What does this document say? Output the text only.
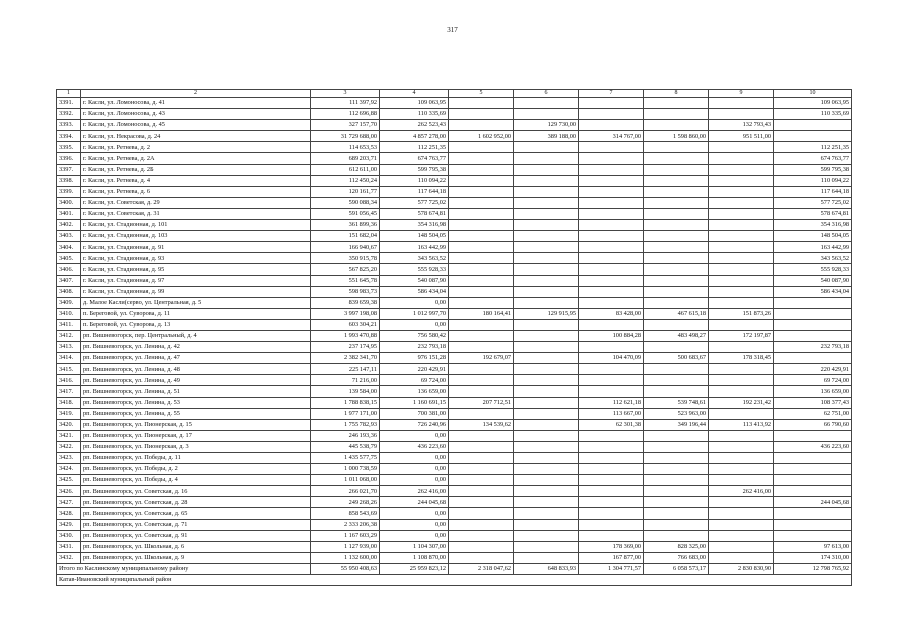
317
1	2	3	4	5	6	7	8	9	10
3391.	г. Касли, ул. Ломоносова, д. 41	111 397,92	109 063,95						109 063,95
3392.	г. Касли, ул. Ломоносова, д. 43	112 696,88	110 335,69						110 335,69
3393.	г. Касли, ул. Ломоносова, д. 45	327 157,70	262 523,43		129 730,00			132 793,43	
3394.	г. Касли, ул. Некрасова, д. 24	31 729 688,00	4 857 278,00	1 602 952,00	389 188,00	314 767,00	1 598 860,00	951 511,00	
3395.	г. Касли, ул. Ретнева, д. 2	114 653,53	112 251,35						112 251,35
3396.	г. Касли, ул. Ретнева, д. 2А	689 203,71	674 763,77						674 763,77
3397.	г. Касли, ул. Ретнева, д. 2Б	612 611,00	599 795,38						599 795,38
3398.	г. Касли, ул. Ретнева, д. 4	112 450,24	110 094,22						110 094,22
3399.	г. Касли, ул. Ретнева, д. 6	120 161,77	117 644,18						117 644,18
3400.	г. Касли, ул. Советская, д. 29	590 088,34	577 725,02						577 725,02
3401.	г. Касли, ул. Советская, д. 31	591 056,45	578 674,81						578 674,81
3402.	г. Касли, ул. Стадионная, д. 101	361 899,36	354 316,98						354 316,98
3403.	г. Касли, ул. Стадионная, д. 103	151 682,04	148 504,05						148 504,05
3404.	г. Касли, ул. Стадионная, д. 91	166 940,67	163 442,99						163 442,99
3405.	г. Касли, ул. Стадионная, д. 93	350 915,78	343 563,52						343 563,52
3406.	г. Касли, ул. Стадионная, д. 95	567 825,20	555 928,33						555 928,33
3407.	г. Касли, ул. Стадионная, д. 97	551 645,78	540 087,90						540 087,90
3408.	г. Касли, ул. Стадионная, д. 99	598 983,73	586 434,04						586 434,04
3409.	д. Малое Касли(серво, ул. Центральная, д. 5	839 659,38	0,00						
3410.	п. Береговой, ул. Суворова, д. 11	3 997 198,08	1 012 997,70	180 164,41	129 915,95	83 428,00	467 615,18	151 873,26	
3411.	п. Береговой, ул. Суворова, д. 13	603 304,21	0,00						
3412.	рп. Вишневогорск, пер. Центральный, д. 4	1 993 470,88	756 580,42			100 884,28	483 498,27	172 197,87	
3413.	рп. Вишневогорск, ул. Ленина, д. 42	237 174,95	232 793,18						232 793,18
3414.	рп. Вишневогорск, ул. Ленина, д. 47	2 382 341,70	976 151,28	192 679,07		104 470,09	500 683,67	178 318,45	
3415.	рп. Вишневогорск, ул. Ленина, д. 48	225 147,11	220 429,91						220 429,91
3416.	рп. Вишневогорск, ул. Ленина, д. 49	71 216,00	69 724,00						69 724,00
3417.	рп. Вишневогорск, ул. Ленина, д. 51	139 584,00	136 659,00						136 659,00
3418.	рп. Вишневогорск, ул. Ленина, д. 53	1 788 838,15	1 160 691,15	207 712,51		112 621,18	539 748,61	192 231,42	108 377,43
3419.	рп. Вишневогорск, ул. Ленина, д. 55	1 977 171,00	700 381,00			113 667,00	523 963,00		62 751,00
3420.	рп. Вишневогорск, ул. Пионерская, д. 15	1 755 782,93	726 240,96	134 539,62		62 301,38	349 196,44	113 413,92	66 790,60
3421.	рп. Вишневогорск, ул. Пионерская, д. 17	246 193,36	0,00						
3422.	рп. Вишневогорск, ул. Пионерская, д. 3	445 538,79	436 223,60						436 223,60
3423.	рп. Вишневогорск, ул. Победы, д. 11	1 435 577,75	0,00						
3424.	рп. Вишневогорск, ул. Победы, д. 2	1 000 738,59	0,00						
3425.	рп. Вишневогорск, ул. Победы, д. 4	1 011 068,00	0,00						
3426.	рп. Вишневогорск, ул. Советская, д. 16	266 021,70	262 416,00					262 416,00	
3427.	рп. Вишневогорск, ул. Советская, д. 28	249 268,26	244 045,68						244 045,68
3428.	рп. Вишневогорск, ул. Советская, д. 65	858 543,69	0,00						
3429.	рп. Вишневогорск, ул. Советская, д. 71	2 333 206,38	0,00						
3430.	рп. Вишневогорск, ул. Советская, д. 91	1 167 603,29	0,00						
3431.	рп. Вишневогорск, ул. Школьная, д. 6	1 127 939,00	1 104 307,00			178 369,00	828 325,00		97 613,00
3432.	рп. Вишневогорск, ул. Школьная, д. 9	1 132 600,00	1 108 870,00			167 877,00	766 683,00		174 310,00
Итого по Каслинскому муниципальному району		55 950 408,63	25 959 823,12	2 318 047,62	648 833,93	1 304 771,57	6 058 573,17	2 830 830,90	12 798 765,92
Катав-Ивановский муниципальный район									
